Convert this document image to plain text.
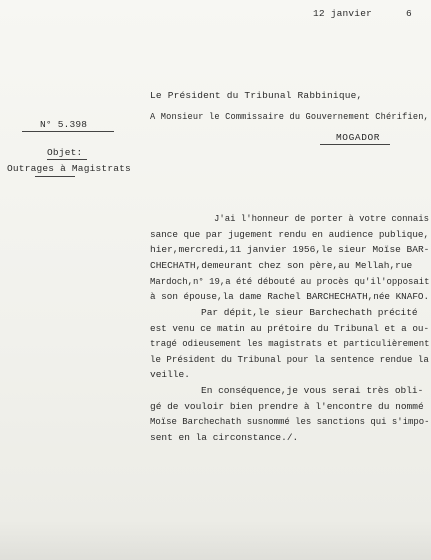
12 janvier	6
Le Président du Tribunal Rabbinique,
A Monsieur le Commissaire du Gouvernement Chérifien,
MOGADOR
N° 5.398
Objet:
Outrages à Magistrats
J'ai l'honneur de porter à votre connais
sance que par jugement rendu en audience publique,
hier,mercredi,11 janvier 1956,le sieur Moïse BAR-
CHECHATH,demeurant chez son père,au Mellah,rue
Mardoch,n° 19,a été débouté au procès qu'il'opposait
à son épouse,la dame Rachel BARCHECHATH,née KNAFO.
Par dépit,le sieur Barchechath précité
est venu ce matin au prétoire du Tribunal et a ou-
tragé odieusement les magistrats et particulièrement
le Président du Tribunal pour la sentence rendue la
veille.
En conséquence,je vous serai très obli-
gé de vouloir bien prendre à l'encontre du nommé
Moïse Barchechath susnommé les sanctions qui s'impo-
sent en la circonstance./.
